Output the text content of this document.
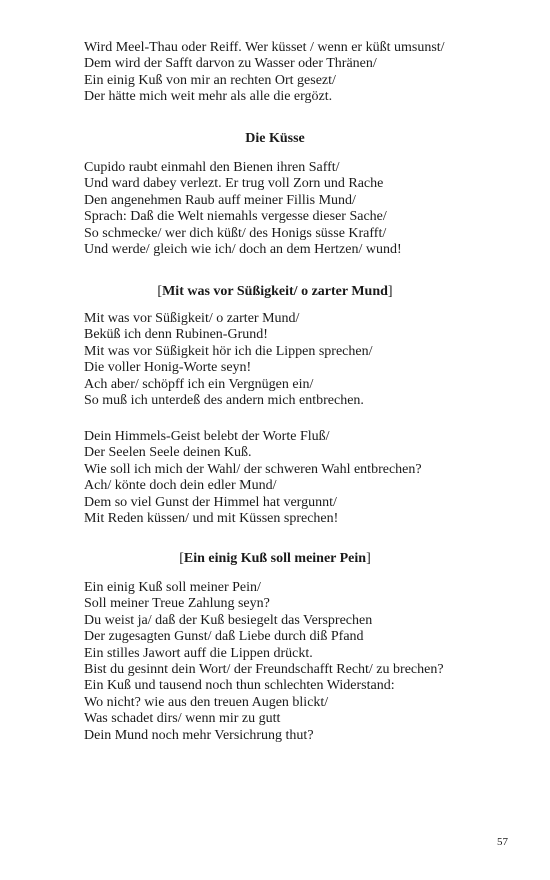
Wird Meel-Thau oder Reiff. Wer küsset / wenn er küßt umsunst/
Dem wird der Safft darvon zu Wasser oder Thränen/
Ein einig Kuß von mir an rechten Ort gesezt/
Der hätte mich weit mehr als alle die ergözt.
Die Küsse
Cupido raubt einmahl den Bienen ihren Safft/
Und ward dabey verlezt. Er trug voll Zorn und Rache
Den angenehmen Raub auff meiner Fillis Mund/
Sprach: Daß die Welt niemahls vergesse dieser Sache/
So schmecke/ wer dich küßt/ des Honigs süsse Krafft/
Und werde/ gleich wie ich/ doch an dem Hertzen/ wund!
[Mit was vor Süßigkeit/ o zarter Mund]
Mit was vor Süßigkeit/ o zarter Mund/
Beküß ich denn Rubinen-Grund!
Mit was vor Süßigkeit hör ich die Lippen sprechen/
Die voller Honig-Worte seyn!
Ach aber/ schöpff ich ein Vergnügen ein/
So muß ich unterdeß des andern mich entbrechen.
Dein Himmels-Geist belebt der Worte Fluß/
Der Seelen Seele deinen Kuß.
Wie soll ich mich der Wahl/ der schweren Wahl entbrechen?
Ach/ könte doch dein edler Mund/
Dem so viel Gunst der Himmel hat vergunnt/
Mit Reden küssen/ und mit Küssen sprechen!
[Ein einig Kuß soll meiner Pein]
Ein einig Kuß soll meiner Pein/
Soll meiner Treue Zahlung seyn?
Du weist ja/ daß der Kuß besiegelt das Versprechen
Der zugesagten Gunst/ daß Liebe durch diß Pfand
Ein stilles Jawort auff die Lippen drückt.
Bist du gesinnt dein Wort/ der Freundschafft Recht/ zu brechen?
Ein Kuß und tausend noch thun schlechten Widerstand:
Wo nicht? wie aus den treuen Augen blickt/
Was schadet dirs/ wenn mir zu gutt
Dein Mund noch mehr Versichrung thut?
57
